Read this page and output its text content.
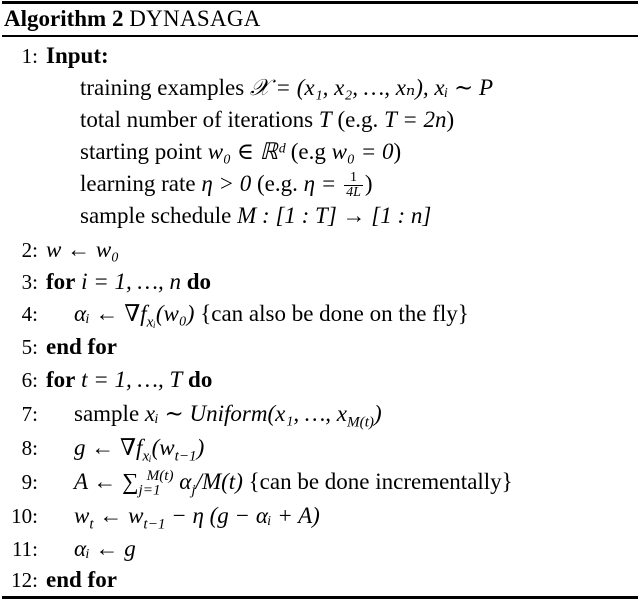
Algorithm 2 DYNASAGA
1: Input:
training examples 𝒳 = (x₁, x₂, …, xₙ), xᵢ ∼ P
total number of iterations T (e.g. T = 2n)
starting point w₀ ∈ ℝᵈ (e.g w₀ = 0)
learning rate η > 0 (e.g. $\eta = \frac{1}{4L}$ )
sample schedule M : [1 : T] → [1 : n]
2: w ← w₀
3: for i = 1, …, n do
4: αᵢ ← $\nabla f_{xᵢ}(w_0)$ {can also be done on the fly}
5: end for
6: for t = 1, …, T do
7: sample xᵢ ∼ Uniform(x₁, …, $x_{M(t)}$)
8: g ← $\nabla f_{xᵢ}(w_{t-1})$
9: A ← $\sum_{j=1}^{M(t)}$ $\alpha_j/M(t)$ {can be done incrementally}
10: $w_t$ ← $w_{t-1} - \eta$ (g − αᵢ + A)
11: αᵢ ← g
12: end for
